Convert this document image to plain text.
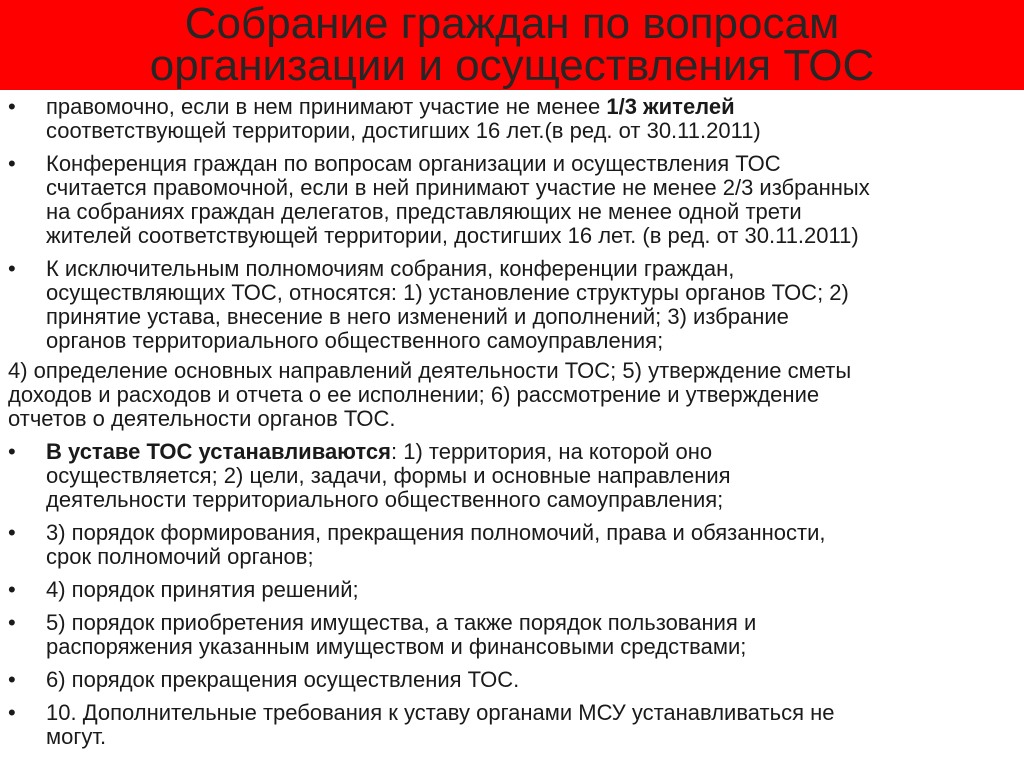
Собрание граждан по вопросам
организации и осуществления ТОС
•	правомочно, если в нем принимают участие не менее 1/3 жителей
соответствующей территории, достигших 16 лет.(в ред. от 30.11.2011)
•	Конференция граждан по вопросам организации и осуществления ТОС
считается правомочной, если в ней принимают участие не менее 2/3 избранных
на собраниях граждан делегатов, представляющих не менее одной трети
жителей соответствующей территории, достигших 16 лет. (в ред. от 30.11.2011)
•	К исключительным полномочиям собрания, конференции граждан,
осуществляющих ТОС, относятся: 1) установление структуры органов ТОС; 2)
принятие устава, внесение в него изменений и дополнений; 3) избрание
органов территориального общественного самоуправления;
4) определение основных направлений деятельности ТОС; 5) утверждение сметы
доходов и расходов и отчета о ее исполнении; 6) рассмотрение и утверждение
отчетов о деятельности органов ТОС.
•	В уставе ТОС устанавливаются: 1) территория, на которой оно
осуществляется; 2) цели, задачи, формы и основные направления
деятельности территориального общественного самоуправления;
•	3) порядок формирования, прекращения полномочий, права и обязанности,
срок полномочий органов;
•	4) порядок принятия решений;
•	5) порядок приобретения имущества, а также порядок пользования и
распоряжения указанным имуществом и финансовыми средствами;
•	6) порядок прекращения осуществления ТОС.
•	10. Дополнительные требования к уставу органами МСУ устанавливаться не
могут.
